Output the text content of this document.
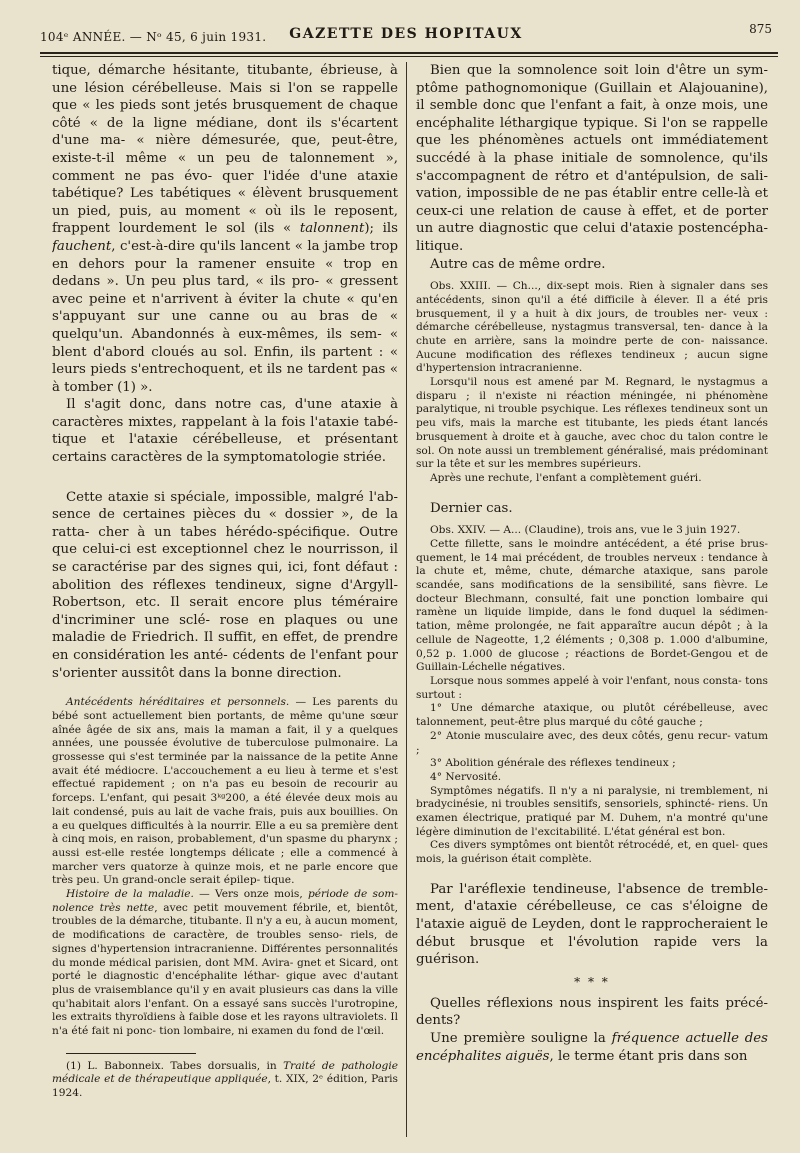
104ᵉ ANNÉE. — Nᵒ 45, 6 juin 1931.	GAZETTE DES HOPITAUX	875

tique, démarche hésitante, titubante, ébrieuse, à une lésion cérébelleuse. Mais si l'on se rappelle que « les pieds sont jetés brusquement de chaque côté « de la ligne médiane, dont ils s'écartent d'une ma- « nière démesurée, que, peut-être, existe-t-il même « un peu de talonnement », comment ne pas évo- quer l'idée d'une ataxie tabétique? Les tabétiques « élèvent brusquement un pied, puis, au moment « où ils le reposent, frappent lourdement le sol (ils « talonnent); ils fauchent, c'est-à-dire qu'ils lancent « la jambe trop en dehors pour la ramener ensuite « trop en dedans ». Un peu plus tard, « ils pro- « gressent avec peine et n'arrivent à éviter la chute « qu'en s'appuyant sur une canne ou au bras de « quelqu'un. Abandonnés à eux-mêmes, ils sem- « blent d'abord cloués au sol. Enfin, ils partent : « leurs pieds s'entrechoquent, et ils ne tardent pas « à tomber (1) ».

Il s'agit donc, dans notre cas, d'une ataxie à caractères mixtes, rappelant à la fois l'ataxie tabé- tique et l'ataxie cérébelleuse, et présentant certains caractères de la symptomatologie striée.

Cette ataxie si spéciale, impossible, malgré l'ab- sence de certaines pièces du « dossier », de la ratta- cher à un tabes hérédo-spécifique. Outre que celui-ci est exceptionnel chez le nourrisson, il se caractérise par des signes qui, ici, font défaut : abolition des réflexes tendineux, signe d'Argyll-Robertson, etc. Il serait encore plus téméraire d'incriminer une sclé- rose en plaques ou une maladie de Friedrich. Il suffit, en effet, de prendre en considération les anté- cédents de l'enfant pour s'orienter aussitôt dans la bonne direction.

Antécédents héréditaires et personnels. — Les parents du bébé sont actuellement bien portants, de même qu'une sœur aînée âgée de six ans, mais la maman a fait, il y a quelques années, une poussée évolutive de tuberculose pulmonaire. La grossesse qui s'est terminée par la naissance de la petite Anne avait été médiocre. L'accouchement a eu lieu à terme et s'est effectué rapidement ; on n'a pas eu besoin de recourir au forceps. L'enfant, qui pesait 3ᵏᵍ200, a été élevée deux mois au lait condensé, puis au lait de vache frais, puis aux bouillies. On a eu quelques difficultés à la nourrir. Elle a eu sa première dent à cinq mois, en raison, probablement, d'un spasme du pharynx ; aussi est-elle restée longtemps délicate ; elle a commencé à marcher vers quatorze à quinze mois, et ne parle encore que très peu. Un grand-oncle serait épilep- tique.

Histoire de la maladie. — Vers onze mois, période de som- nolence très nette, avec petit mouvement fébrile, et, bientôt, troubles de la démarche, titubante. Il n'y a eu, à aucun moment, de modifications de caractère, de troubles senso- riels, de signes d'hypertension intracranienne. Différentes personnalités du monde médical parisien, dont MM. Avira- gnet et Sicard, ont porté le diagnostic d'encéphalite léthar- gique avec d'autant plus de vraisemblance qu'il y en avait plusieurs cas dans la ville qu'habitait alors l'enfant. On a essayé sans succès l'urotropine, les extraits thyroïdiens à faible dose et les rayons ultraviolets. Il n'a été fait ni ponc- tion lombaire, ni examen du fond de l'œil.

(1) L. Babonneix. Tabes dorsualis, in Traité de pathologie médicale et de thérapeutique appliquée, t. XIX, 2ᵉ édition, Paris 1924.

Bien que la somnolence soit loin d'être un sym- ptôme pathognomonique (Guillain et Alajouanine), il semble donc que l'enfant a fait, à onze mois, une encéphalite léthargique typique. Si l'on se rappelle que les phénomènes actuels ont immédiatement succédé à la phase initiale de somnolence, qu'ils s'accompagnent de rétro et d'antépulsion, de sali- vation, impossible de ne pas établir entre celle-là et ceux-ci une relation de cause à effet, et de porter un autre diagnostic que celui d'ataxie postencépha- litique.

Autre cas de même ordre.

Obs. XXIII. — Ch..., dix-sept mois. Rien à signaler dans ses antécédents, sinon qu'il a été difficile à élever. Il a été pris brusquement, il y a huit à dix jours, de troubles ner- veux : démarche cérébelleuse, nystagmus transversal, ten- dance à la chute en arrière, sans la moindre perte de con- naissance. Aucune modification des réflexes tendineux ; aucun signe d'hypertension intracranienne.

Lorsqu'il nous est amené par M. Regnard, le nystagmus a disparu ; il n'existe ni réaction méningée, ni phénomène paralytique, ni trouble psychique. Les réflexes tendineux sont un peu vifs, mais la marche est titubante, les pieds étant lancés brusquement à droite et à gauche, avec choc du talon contre le sol. On note aussi un tremblement généralisé, mais prédominant sur la tête et sur les membres supérieurs.

Après une rechute, l'enfant a complètement guéri.

Dernier cas.

Obs. XXIV. — A... (Claudine), trois ans, vue le 3 juin 1927.

Cette fillette, sans le moindre antécédent, a été prise brus- quement, le 14 mai précédent, de troubles nerveux : tendance à la chute et, même, chute, démarche ataxique, sans parole scandée, sans modifications de la sensibilité, sans fièvre. Le docteur Blechmann, consulté, fait une ponction lombaire qui ramène un liquide limpide, dans le fond duquel la sédimen- tation, même prolongée, ne fait apparaître aucun dépôt ; à la cellule de Nageotte, 1,2 éléments ; 0,308 p. 1.000 d'albumine, 0,52 p. 1.000 de glucose ; réactions de Bordet-Gengou et de Guillain-Léchelle négatives.

Lorsque nous sommes appelé à voir l'enfant, nous consta- tons surtout :

1° Une démarche ataxique, ou plutôt cérébelleuse, avec talonnement, peut-être plus marqué du côté gauche ;

2° Atonie musculaire avec, des deux côtés, genu recur- vatum ;

3° Abolition générale des réflexes tendineux ;

4° Nervosité.

Symptômes négatifs. Il n'y a ni paralysie, ni tremblement, ni bradycinésie, ni troubles sensitifs, sensoriels, sphincté- riens. Un examen électrique, pratiqué par M. Duhem, n'a montré qu'une légère diminution de l'excitabilité. L'état général est bon.

Ces divers symptômes ont bientôt rétrocédé, et, en quel- ques mois, la guérison était complète.

Par l'aréflexie tendineuse, l'absence de tremble- ment, d'ataxie cérébelleuse, ce cas s'éloigne de l'ataxie aiguë de Leyden, dont le rapprocheraient le début brusque et l'évolution rapide vers la guérison.

* * *

Quelles réflexions nous inspirent les faits précé- dents?

Une première souligne la fréquence actuelle des encéphalites aiguës, le terme étant pris dans son
